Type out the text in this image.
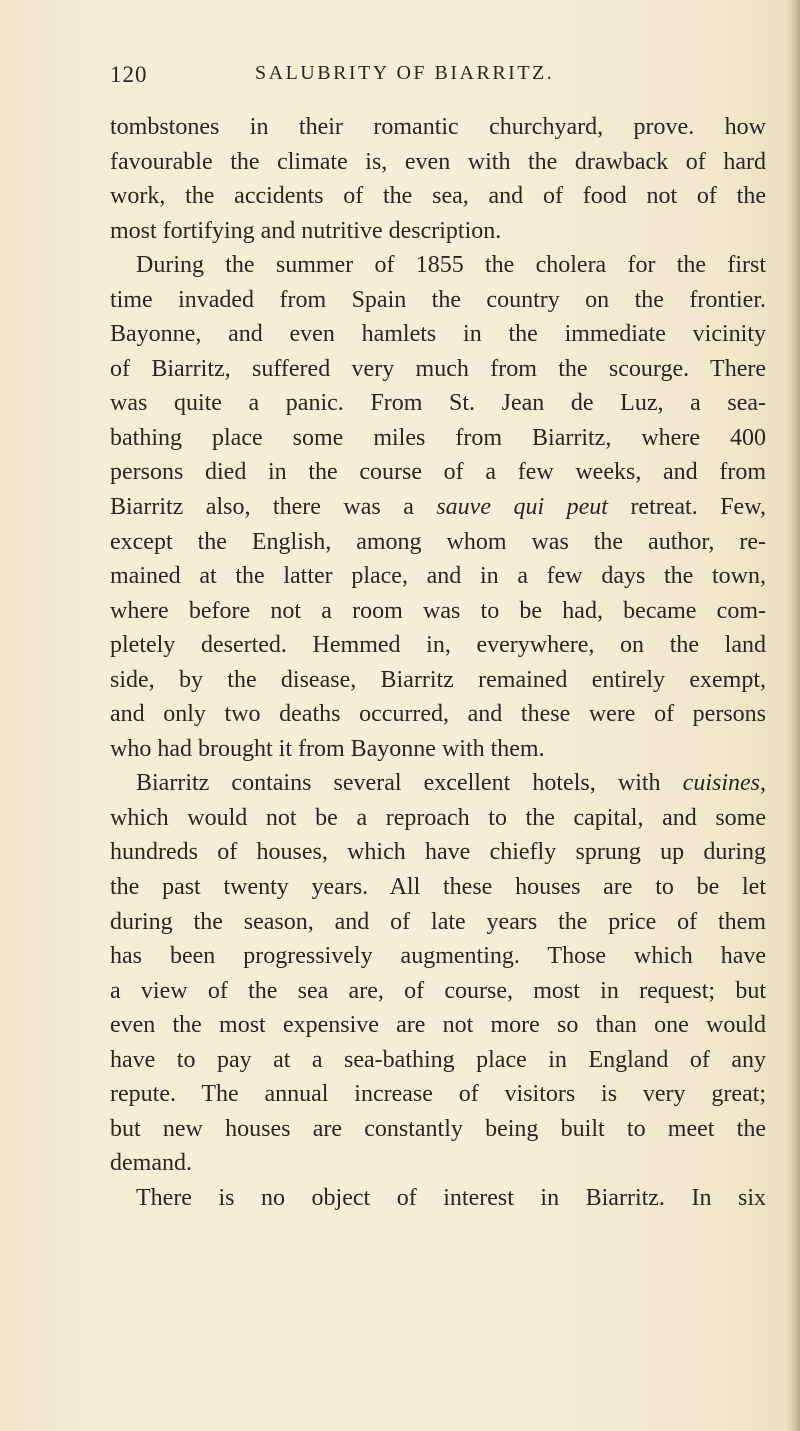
120	SALUBRITY OF BIARRITZ.
tombstones in their romantic churchyard, prove. how
favourable the climate is, even with the drawback of hard
work, the accidents of the sea, and of food not of the
most fortifying and nutritive description.
During the summer of 1855 the cholera for the first
time invaded from Spain the country on the frontier.
Bayonne, and even hamlets in the immediate vicinity
of Biarritz, suffered very much from the scourge. There
was quite a panic. From St. Jean de Luz, a sea-
bathing place some miles from Biarritz, where 400
persons died in the course of a few weeks, and from
Biarritz also, there was a sauve qui peut retreat. Few,
except the English, among whom was the author, re-
mained at the latter place, and in a few days the town,
where before not a room was to be had, became com-
pletely deserted. Hemmed in, everywhere, on the land
side, by the disease, Biarritz remained entirely exempt,
and only two deaths occurred, and these were of persons
who had brought it from Bayonne with them.
Biarritz contains several excellent hotels, with cuisines,
which would not be a reproach to the capital, and some
hundreds of houses, which have chiefly sprung up during
the past twenty years. All these houses are to be let
during the season, and of late years the price of them
has been progressively augmenting. Those which have
a view of the sea are, of course, most in request; but
even the most expensive are not more so than one would
have to pay at a sea-bathing place in England of any
repute. The annual increase of visitors is very great;
but new houses are constantly being built to meet the
demand.
There is no object of interest in Biarritz. In six
